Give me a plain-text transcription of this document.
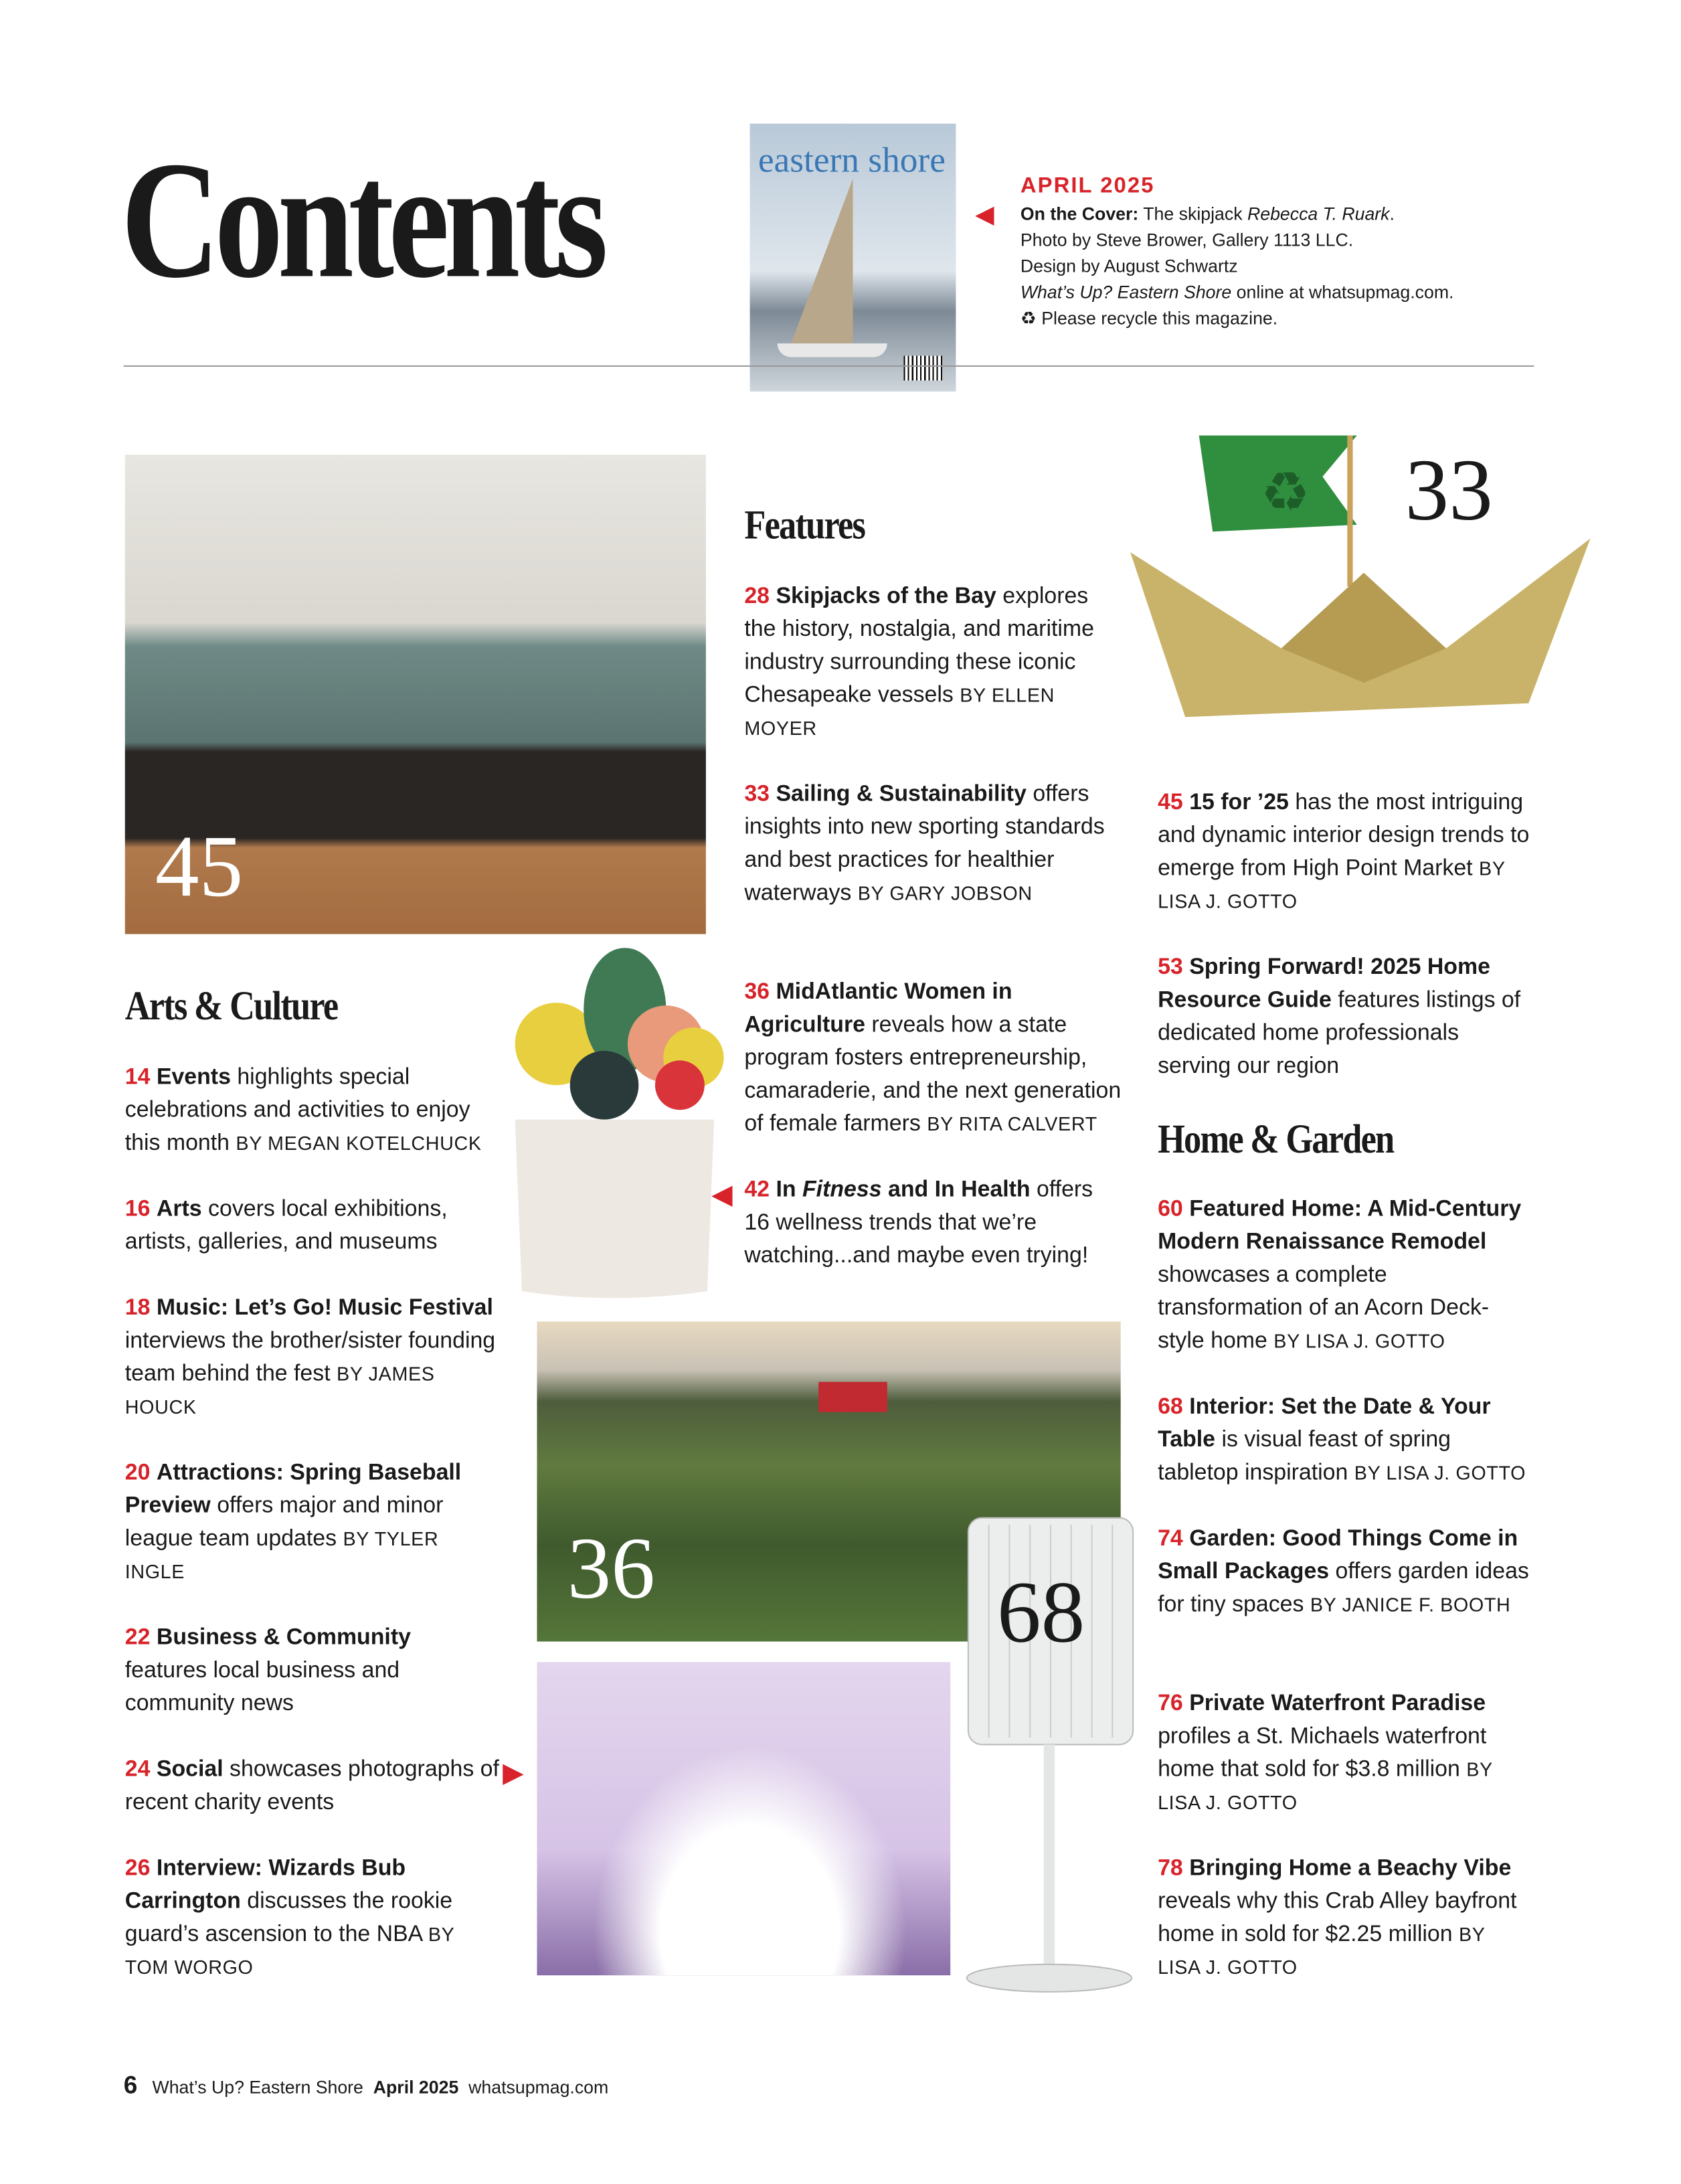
Contents	eastern shore
◀
APRIL 2025
On the Cover: The skipjack Rebecca T. Ruark.
Photo by Steve Brower, Gallery 1113 LLC.
Design by August Schwartz
What’s Up? Eastern Shore online at whatsupmag.com.
♻ Please recycle this magazine.
45
♻ 33
36	68
Features
Arts & Culture
Home & Garden
28 Skipjacks of the Bay explores the history, nostalgia, and maritime industry surrounding these iconic Chesapeake vessels BY ELLEN MOYER
33 Sailing & Sustainability offers insights into new sporting standards and best practices for healthier waterways BY GARY JOBSON
36 MidAtlantic Women in Agriculture reveals how a state program fosters entrepreneurship, camaraderie, and the next generation of female farmers BY RITA CALVERT
◀ 42 In Fitness and In Health offers 16 wellness trends that we’re watching...and maybe even trying!
45 15 for ’25 has the most intriguing and dynamic interior design trends to emerge from High Point Market BY LISA J. GOTTO
53 Spring Forward! 2025 Home Resource Guide features listings of dedicated home professionals serving our region
14 Events highlights special celebrations and activities to enjoy this month BY MEGAN KOTELCHUCK
16 Arts covers local exhibitions, artists, galleries, and museums
18 Music: Let’s Go! Music Festival interviews the brother/sister founding team behind the fest BY JAMES HOUCK
20 Attractions: Spring Baseball Preview offers major and minor league team updates BY TYLER INGLE
22 Business & Community features local business and community news
24 Social showcases photographs of recent charity events
▶
26 Interview: Wizards Bub Carrington discusses the rookie guard’s ascension to the NBA BY TOM WORGO
60 Featured Home: A Mid-Century Modern Renaissance Remodel showcases a complete transformation of an Acorn Deck-style home BY LISA J. GOTTO
68 Interior: Set the Date & Your Table is visual feast of spring tabletop inspiration BY LISA J. GOTTO
74 Garden: Good Things Come in Small Packages offers garden ideas for tiny spaces BY JANICE F. BOOTH
76 Private Waterfront Paradise profiles a St. Michaels waterfront home that sold for $3.8 million BY LISA J. GOTTO
78 Bringing Home a Beachy Vibe reveals why this Crab Alley bayfront home in sold for $2.25 million BY LISA J. GOTTO
6 What’s Up? Eastern Shore April 2025 whatsupmag.com
